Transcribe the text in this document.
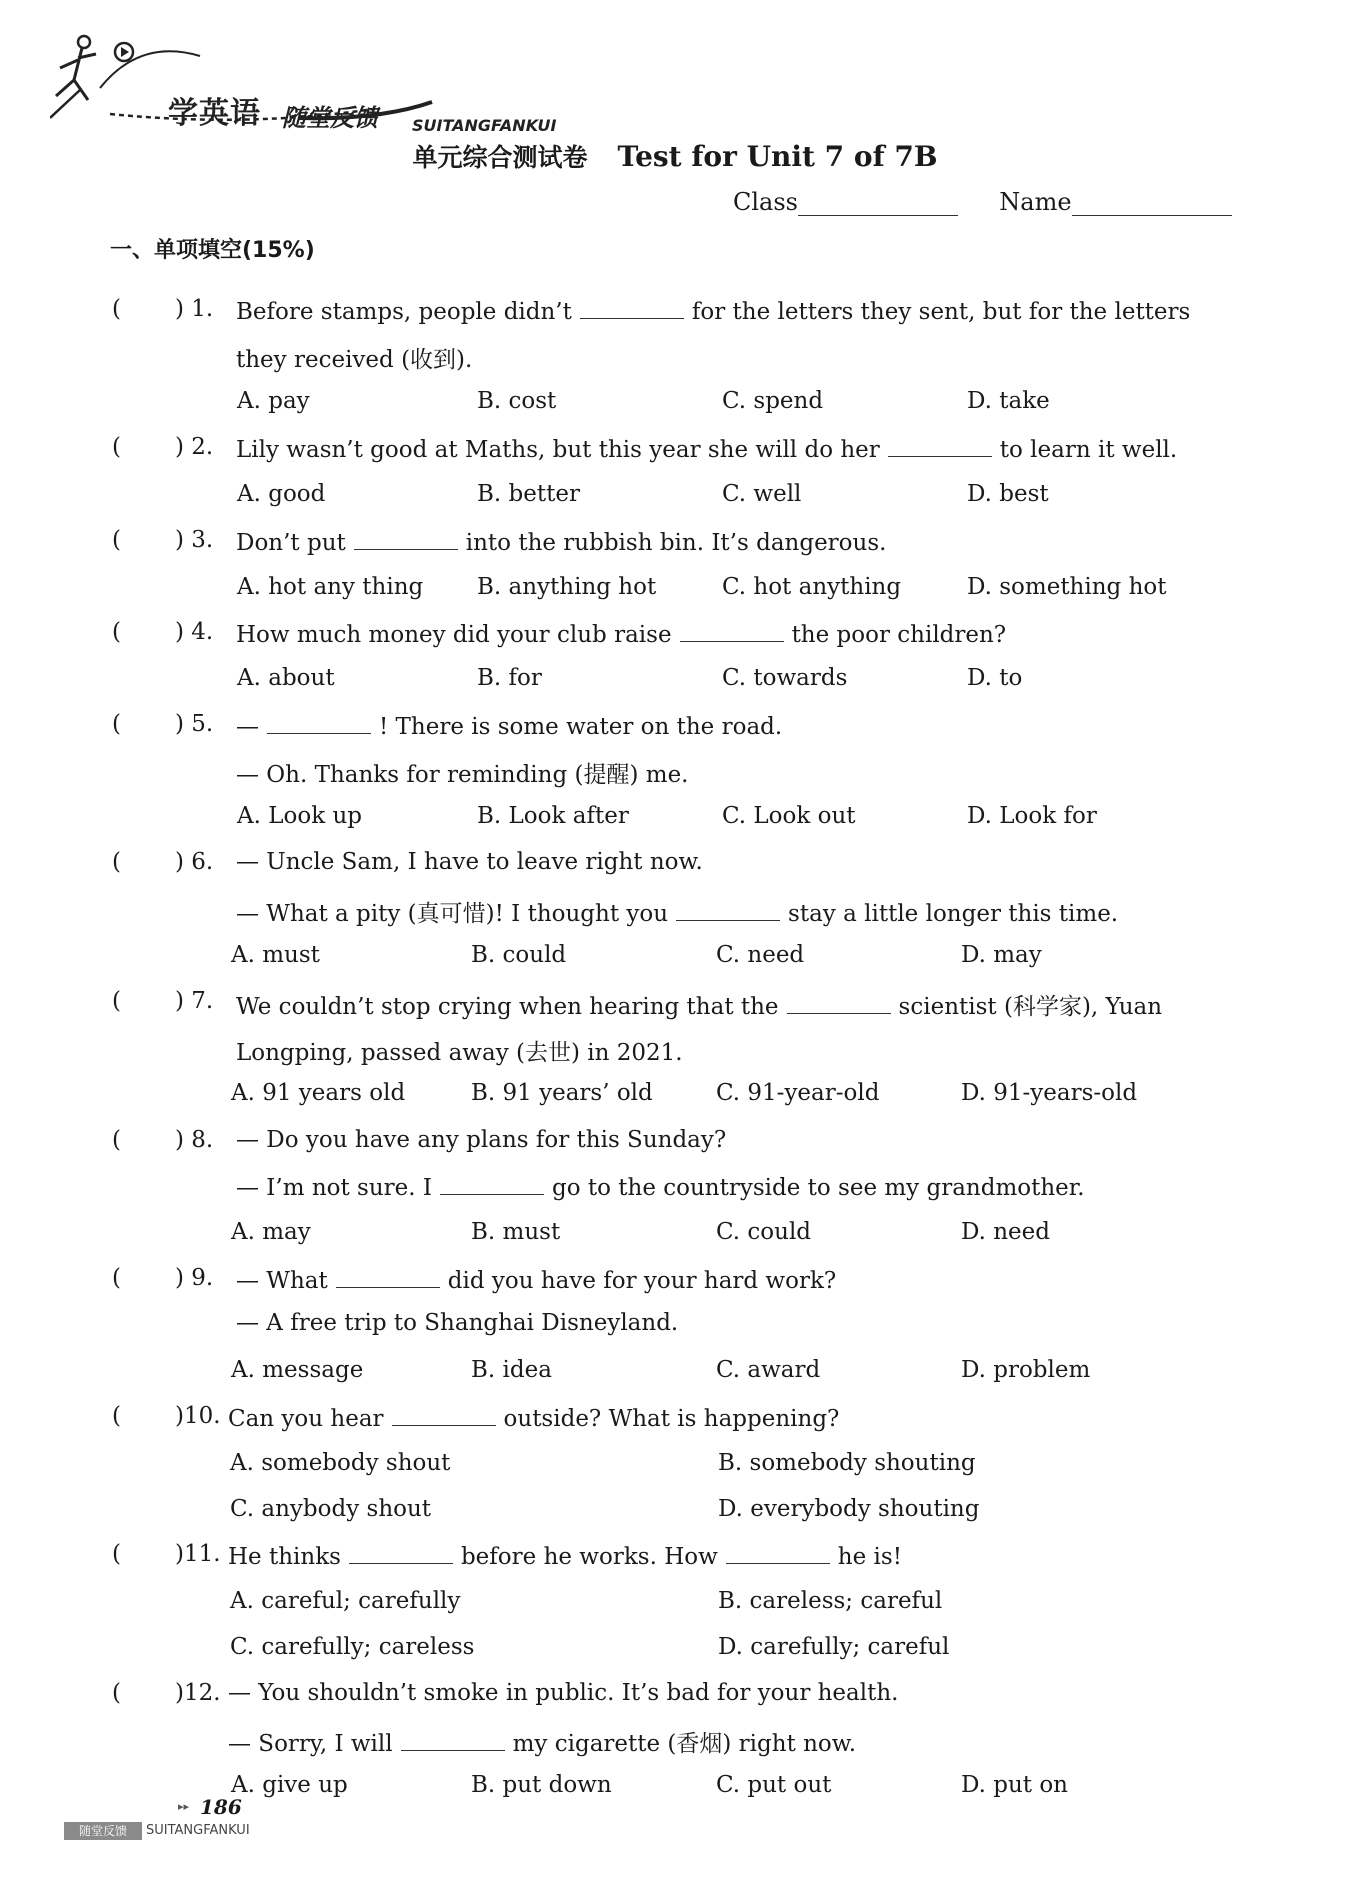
学英语 随堂反馈 SUITANGFANKUI
单元综合测试卷 Test for Unit 7 of 7B
Class	Name
一、单项填空(15%)
( ) 1. Before stamps, people didn’t	for the letters they sent, but for the letters
they received (收到).
A. pay	B. cost	C. spend	D. take
( ) 2. Lily wasn’t good at Maths, but this year she will do her	to learn it well.
A. good	B. better	C. well	D. best
( ) 3. Don’t put	into the rubbish bin. It’s dangerous.
A. hot any thing B. anything hot	C. hot anything	D. something hot
( ) 4. How much money did your club raise	the poor children?
A. about	B. for	C. towards	D. to
( ) 5. —	! There is some water on the road.
— Oh. Thanks for reminding (提醒) me.
A. Look up	B. Look after	C. Look out	D. Look for
( ) 6. — Uncle Sam, I have to leave right now.
— What a pity (真可惜)! I thought you	stay a little longer this time.
A. must	B. could	C. need	D. may
( ) 7. We couldn’t stop crying when hearing that the	scientist (科学家), Yuan
Longping, passed away (去世) in 2021.
A. 91 years old	B. 91 years’ old	C. 91-year-old	D. 91-years-old
( ) 8. — Do you have any plans for this Sunday?
— I’m not sure. I	go to the countryside to see my grandmother.
A. may	B. must	C. could	D. need
( ) 9. — What	did you have for your hard work?
— A free trip to Shanghai Disneyland.
A. message	B. idea	C. award	D. problem
( )10. Can you hear	outside? What is happening?
A. somebody shout	B. somebody shouting
C. anybody shout	D. everybody shouting
( )11. He thinks	before he works. How	he is!
A. careful; carefully	B. careless; careful
C. carefully; careless	D. carefully; careful
( )12. — You shouldn’t smoke in public. It’s bad for your health.
— Sorry, I will	my cigarette (香烟) right now.
A. give up	B. put down	C. put out	D. put on
▸▸ 186
随堂反馈	SUITANGFANKUI
